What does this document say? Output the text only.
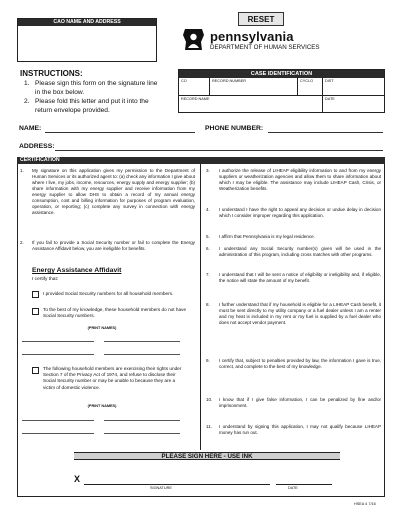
CAO NAME AND ADDRESS	RESET
pennsylvania
DEPARTMENT OF HUMAN SERVICES
INSTRUCTIONS:
1. Please sign this form on the signature line in the box below.
2. Please fold this letter and put it into the return envelope provided.
CASE IDENTIFICATION
CO	RECORD NUMBER	CYCLO	DIST
RECORD NAME	DATE
NAME:	PHONE NUMBER:
ADDRESS:
CERTIFICATION
1.	My signature on this application gives my permission to the Department of Human Services or its authorized agent to: (a) check any information I give about where I live, my jobs, income, resources, energy supply and energy supplier; (b) share information with my energy supplier and receive information from my energy supplier to allow DHS to obtain a record of my annual energy consumption, cost and billing information for purposes of program evaluation, operation, or reporting; (c) complete any survey in connection with energy assistance.
2.	If you fail to provide a Social Security number or fail to complete the Energy Assistance Affidavit below, you are ineligible for benefits.
Energy Assistance Affidavit
I certify that:
I provided Social Security numbers for all household members.
To the best of my knowledge, these household members do not have Social Security numbers.
(PRINT NAMES)
The following household members are exercising their rights under Section 7 of the Privacy Act of 1974, and refuse to disclose their Social Security number or may be unable to because they are a victim of domestic violence.
(PRINT NAMES)
3.	I authorize the release of LIHEAP eligibility information to and from my energy suppliers or weatherization agencies and allow them to share information about which I may be eligible. The assistance may include LIHEAP Cash, Crisis, or Weatherization benefits.
4.	I understand I have the right to appeal any decision or undue delay in decision which I consider improper regarding this application.
5.	I affirm that Pennsylvania is my legal residence.
6.	I understand any Social Security number(s) given will be used in the administration of this program, including cross matches with other programs.
7.	I understand that I will be sent a notice of eligibility or ineligibility and, if eligible, the notice will state the amount of my benefit.
8.	I further understand that if my household is eligible for a LIHEAP Cash benefit, it must be sent directly to my utility company or a fuel dealer unless I am a renter and my heat is included in my rent or my fuel is supplied by a fuel dealer who does not accept vendor payment.
9.	I certify that, subject to penalties provided by law, the information I gave is true, correct, and complete to the best of my knowledge.
10.	I know that if I give false information, I can be penalized by fine and/or imprisonment.
11.	I understand by signing this application, I may not qualify because LIHEAP money has run out.
PLEASE SIGN HERE - USE INK
X
SIGNATURE	DATE
HSEA 4 7/16
